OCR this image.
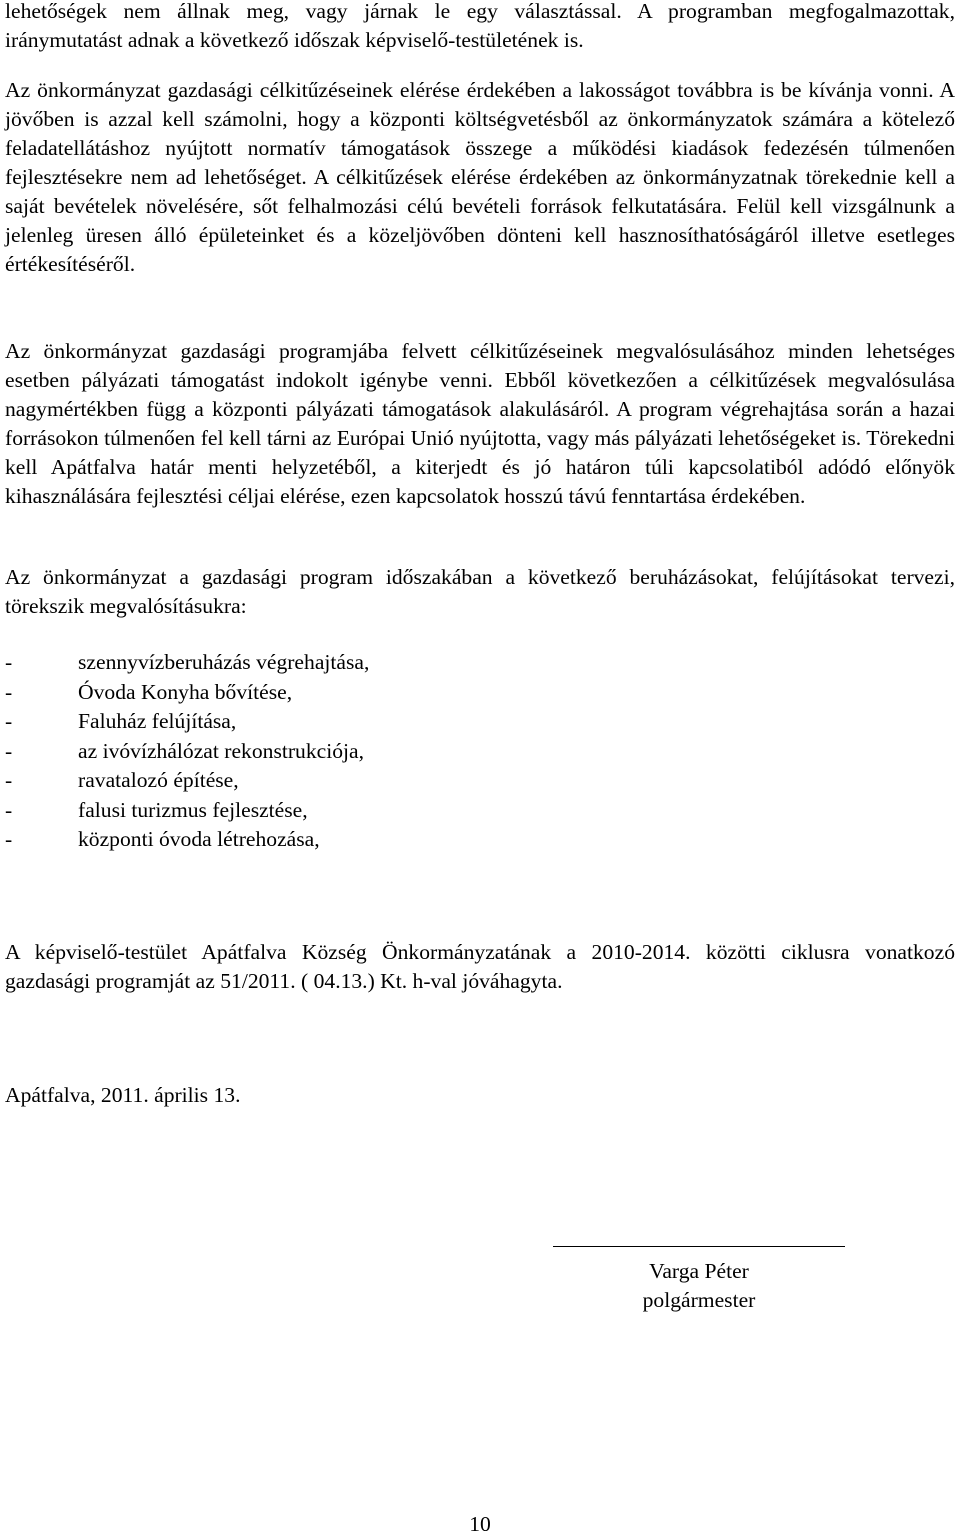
lehetőségek nem állnak meg, vagy járnak le egy választással. A programban megfogalmazottak, iránymutatást adnak a következő időszak képviselő-testületének is.

Az önkormányzat gazdasági célkitűzéseinek elérése érdekében a lakosságot továbbra is be kívánja vonni. A jövőben is azzal kell számolni, hogy a központi költségvetésből az önkormányzatok számára a kötelező feladatellátáshoz nyújtott normatív támogatások összege a működési kiadások fedezésén túlmenően fejlesztésekre nem ad lehetőséget. A célkitűzések elérése érdekében az önkormányzatnak törekednie kell a saját bevételek növelésére, sőt felhalmozási célú bevételi források felkutatására. Felül kell vizsgálnunk a jelenleg üresen álló épületeinket és a közeljövőben dönteni kell hasznosíthatóságáról illetve esetleges értékesítéséről.

Az önkormányzat gazdasági programjába felvett célkitűzéseinek megvalósulásához minden lehetséges esetben pályázati támogatást indokolt igénybe venni. Ebből következően a célkitűzések megvalósulása nagymértékben függ a központi pályázati támogatások alakulásáról. A program végrehajtása során a hazai forrásokon túlmenően fel kell tárni az Európai Unió nyújtotta, vagy más pályázati lehetőségeket is. Törekedni kell Apátfalva határ menti helyzetéből, a kiterjedt és jó határon túli kapcsolatiból adódó előnyök kihasználására fejlesztési céljai elérése, ezen kapcsolatok hosszú távú fenntartása érdekében.

Az önkormányzat a gazdasági program időszakában a következő beruházásokat, felújításokat tervezi, törekszik megvalósításukra:

-	szennyvízberuházás végrehajtása,
-	Óvoda Konyha bővítése,
-	Faluház felújítása,
-	az ivóvízhálózat rekonstrukciója,
-	ravatalozó építése,
-	falusi turizmus fejlesztése,
-	központi óvoda létrehozása,

A képviselő-testület Apátfalva Község Önkormányzatának a 2010-2014. közötti ciklusra vonatkozó gazdasági programját az 51/2011. ( 04.13.) Kt. h-val jóváhagyta.

Apátfalva, 2011. április 13.

Varga Péter

polgármester

10
